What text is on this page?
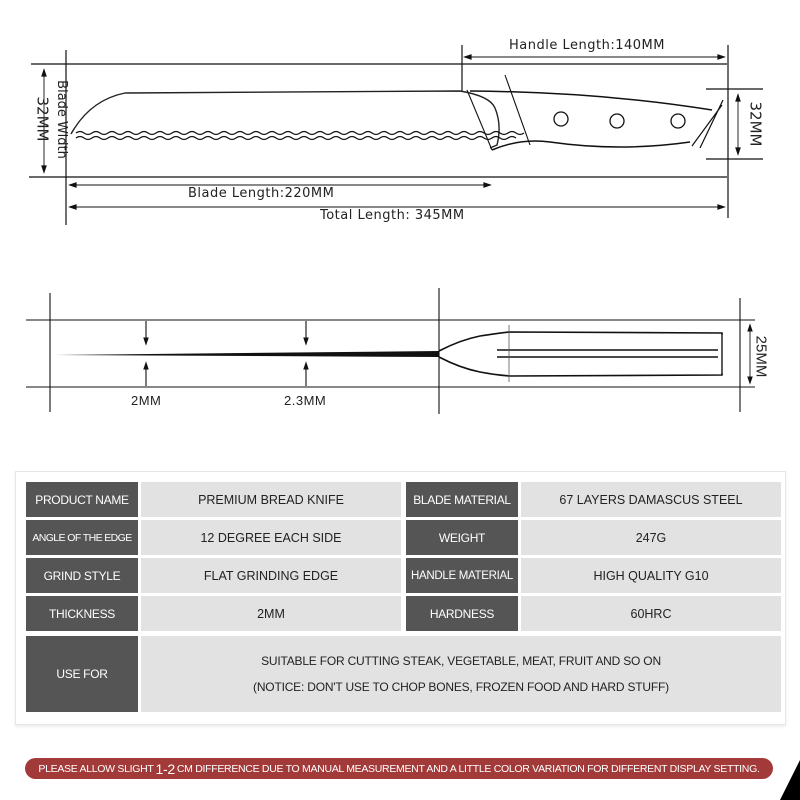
Handle Length:140MM
32MM Blade Width	32MM
Blade Length:220MM
Total Length: 345MM
2MM	2.3MM
25MM
PRODUCT NAME	PREMIUM BREAD KNIFE	BLADE MATERIAL	67 LAYERS DAMASCUS STEEL
ANGLE OF THE EDGE	12 DEGREE EACH SIDE	WEIGHT	247G
GRIND STYLE	FLAT GRINDING EDGE	HANDLE MATERIAL	HIGH QUALITY G10
THICKNESS	2MM	HARDNESS	60HRC
USE FOR
SUITABLE FOR CUTTING STEAK, VEGETABLE, MEAT, FRUIT AND SO ON
(NOTICE: DON'T USE TO CHOP BONES, FROZEN FOOD AND HARD STUFF)
PLEASE ALLOW SLIGHT 1-2 CM DIFFERENCE DUE TO MANUAL MEASUREMENT AND A LITTLE COLOR VARIATION FOR DIFFERENT DISPLAY SETTING.
